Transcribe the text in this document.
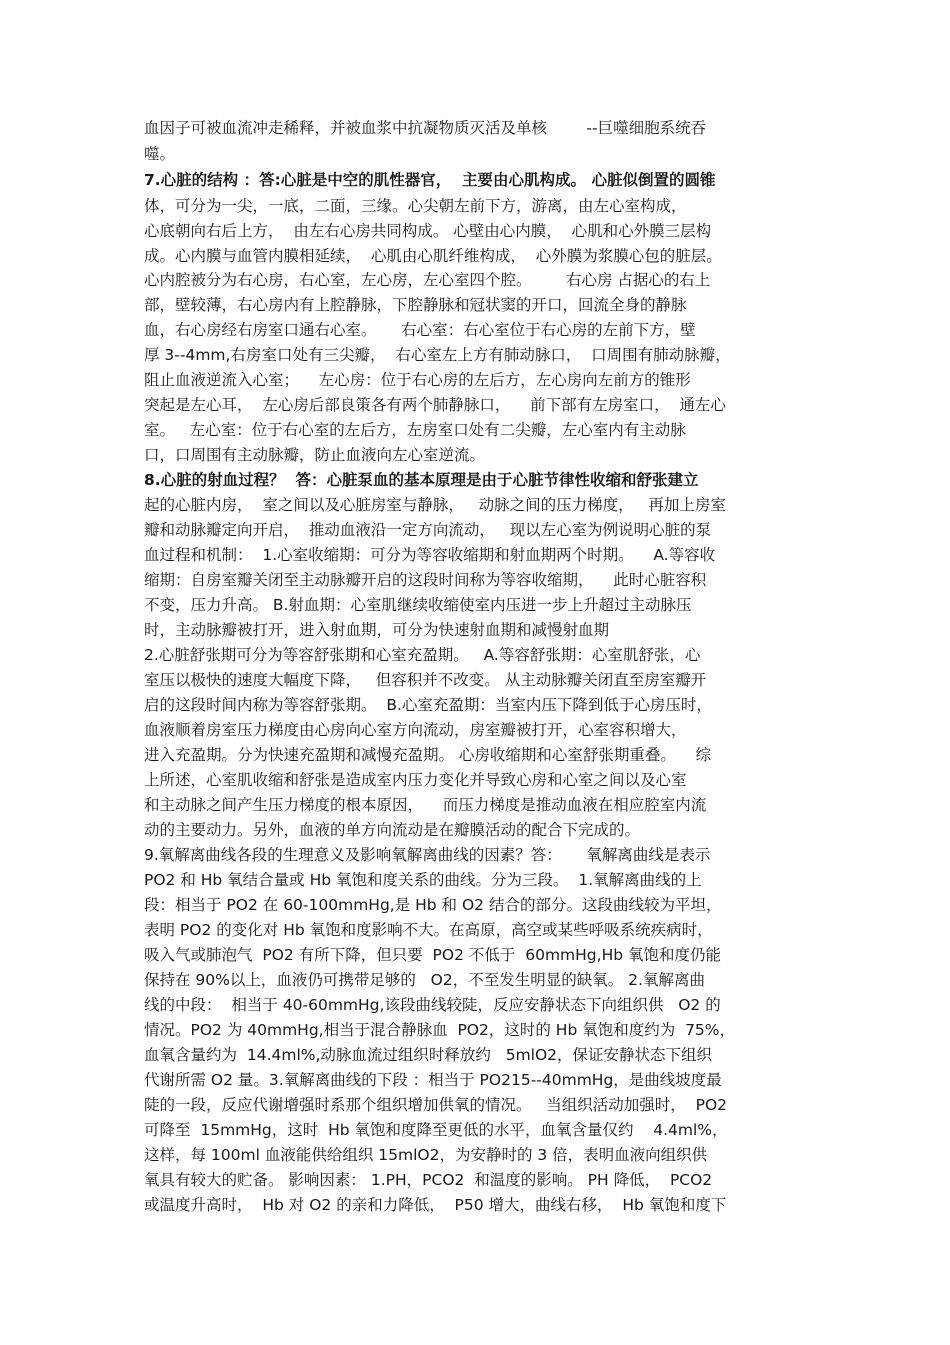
血因子可被血流冲走稀释，并被血浆中抗凝物质灭活及单核        --巨噬细胞系统吞

噬。

7.心脏的结构 ：答:心脏是中空的肌性器官，  主要由心肌构成。 心脏似倒置的圆锥

体，可分为一尖，一底，二面，三缘。心尖朝左前下方，游离，由左心室构成，

心底朝向右后上方，  由左右心房共同构成。 心壁由心内膜，  心肌和心外膜三层构

成。心内膜与血管内膜相延续，  心肌由心肌纤维构成，  心外膜为浆膜心包的脏层。

心内腔被分为右心房，右心室，左心房，左心室四个腔。       右心房 占据心的右上

部，壁较薄，右心房内有上腔静脉，下腔静脉和冠状窦的开口，回流全身的静脉

血，右心房经右房室口通右心室。     右心室：右心室位于右心房的左前下方，壁

厚 3--4mm,右房室口处有三尖瓣，  右心室左上方有肺动脉口，  口周围有肺动脉瓣，

阻止血液逆流入心室；    左心房：位于右心房的左后方，左心房向左前方的锥形

突起是左心耳，  左心房后部良策各有两个肺静脉口，    前下部有左房室口，  通左心

室。   左心室：位于右心室的左后方，左房室口处有二尖瓣，左心室内有主动脉

口，口周围有主动脉瓣，防止血液向左心室逆流。

8.心脏的射血过程？  答：心脏泵血的基本原理是由于心脏节律性收缩和舒张建立

起的心脏内房，  室之间以及心脏房室与静脉，   动脉之间的压力梯度，   再加上房室

瓣和动脉瓣定向开启，  推动血液沿一定方向流动，   现以左心室为例说明心脏的泵

血过程和机制：  1.心室收缩期：可分为等容收缩期和射血期两个时期。    A.等容收

缩期：自房室瓣关闭至主动脉瓣开启的这段时间称为等容收缩期，    此时心脏容积

不变，压力升高。 B.射血期：心室肌继续收缩使室内压进一步上升超过主动脉压

时，主动脉瓣被打开，进入射血期，可分为快速射血期和减慢射血期

2.心脏舒张期可分为等容舒张期和心室充盈期。   A.等容舒张期：心室肌舒张，心

室压以极快的速度大幅度下降，   但容积并不改变。 从主动脉瓣关闭直至房室瓣开

启的这段时间内称为等容舒张期。  B.心室充盈期：当室内压下降到低于心房压时，

血液顺着房室压力梯度由心房向心室方向流动，房室瓣被打开，心室容积增大，

进入充盈期。分为快速充盈期和减慢充盈期。 心房收缩期和心室舒张期重叠。    综

上所述，心室肌收缩和舒张是造成室内压力变化并导致心房和心室之间以及心室

和主动脉之间产生压力梯度的根本原因，    而压力梯度是推动血液在相应腔室内流

动的主要动力。另外，血液的单方向流动是在瓣膜活动的配合下完成的。

9.氧解离曲线各段的生理意义及影响氧解离曲线的因素？答：     氧解离曲线是表示

PO2 和 Hb 氧结合量或 Hb 氧饱和度关系的曲线。分为三段。  1.氧解离曲线的上

段：相当于 PO2 在 60-100mmHg,是 Hb 和 O2 结合的部分。这段曲线较为平坦，

表明 PO2 的变化对 Hb 氧饱和度影响不大。在高原，高空或某些呼吸系统疾病时，

吸入气或肺泡气  PO2 有所下降，但只要  PO2 不低于  60mmHg,Hb 氧饱和度仍能

保持在 90%以上，血液仍可携带足够的   O2，不至发生明显的缺氧。 2.氧解离曲

线的中段：  相当于 40-60mmHg,该段曲线较陡，反应安静状态下向组织供   O2 的

情况。PO2 为 40mmHg,相当于混合静脉血  PO2，这时的 Hb 氧饱和度约为  75%，

血氧含量约为  14.4ml%,动脉血流过组织时释放约   5mlO2，保证安静状态下组织

代谢所需 O2 量。3.氧解离曲线的下段 ：相当于 PO215--40mmHg，是曲线坡度最

陡的一段，反应代谢增强时系那个组织增加供氧的情况。   当组织活动加强时，  PO2

可降至  15mmHg，这时  Hb 氧饱和度降至更低的水平，血氧含量仅约    4.4ml%，

这样，每 100ml 血液能供给组织 15mlO2，为安静时的 3 倍，表明血液向组织供

氧具有较大的贮备。 影响因素： 1.PH，PCO2  和温度的影响。 PH 降低，  PCO2

或温度升高时，  Hb 对 O2 的亲和力降低，  P50 增大，曲线右移，  Hb 氧饱和度下
